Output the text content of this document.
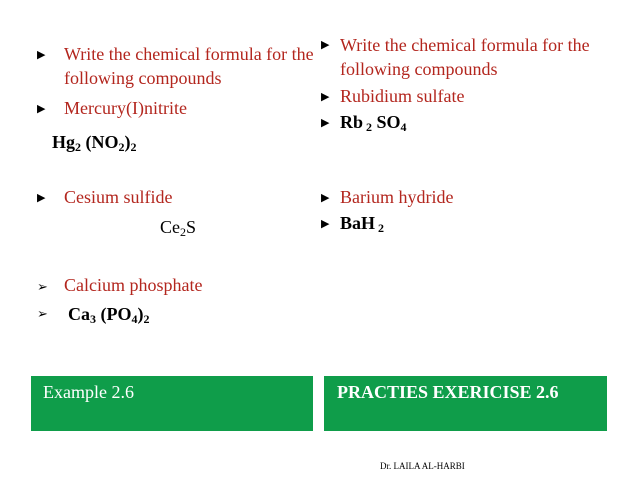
▶ Write the chemical formula for the following compounds
▶ Mercury(I)nitrite
$Hg_2$ $(NO_2)_2$
▶ Cesium sulfide
$Ce_2S$
➢ Calcium phosphate
➢ $Ca_3$ $(PO_4)_2$
▶ Write the chemical formula for the following compounds
▶ Rubidium sulfate
▶ Rb $_2$ $SO_4$
▶ Barium hydride
▶ BaH $_2$
Example 2.6	PRACTIES EXERICISE 2.6
Dr. LAILA AL-HARBI
